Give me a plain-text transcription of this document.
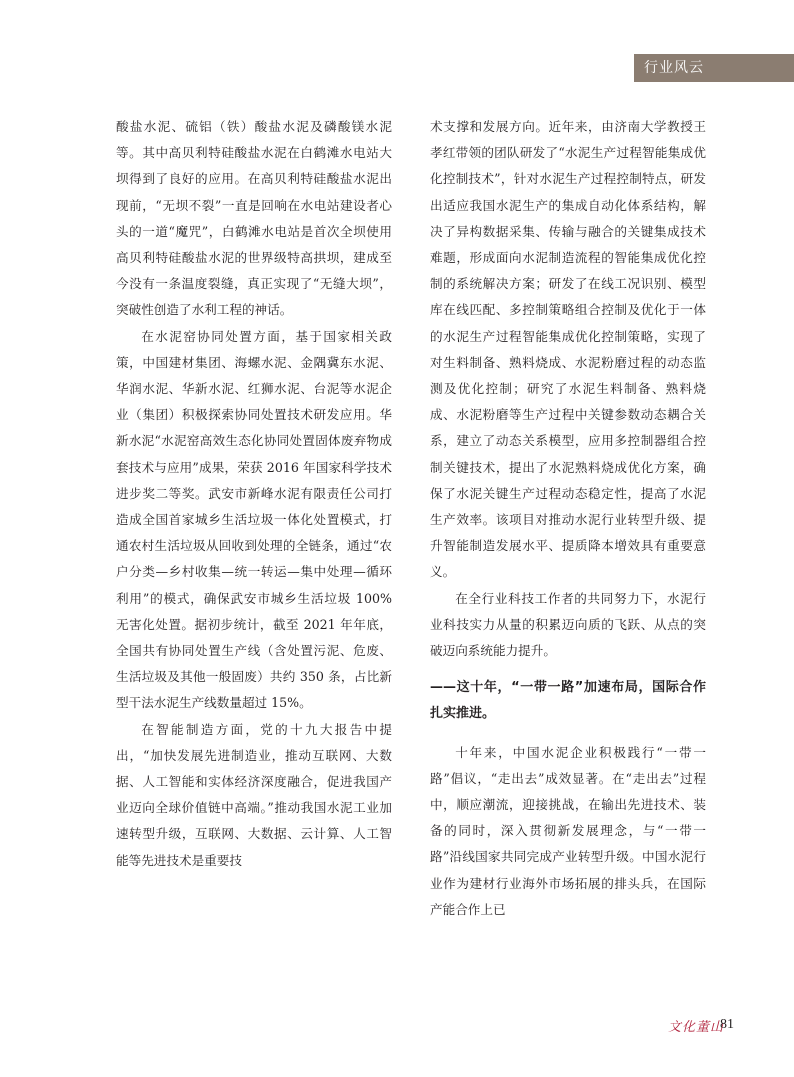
行业风云

酸盐水泥、硫铝（铁）酸盐水泥及磷酸镁水泥等。其中高贝利特硅酸盐水泥在白鹤滩水电站大坝得到了良好的应用。在高贝利特硅酸盐水泥出现前，“无坝不裂”一直是回响在水电站建设者心头的一道“魔咒”，白鹤滩水电站是首次全坝使用高贝利特硅酸盐水泥的世界级特高拱坝，建成至今没有一条温度裂缝，真正实现了“无缝大坝”，突破性创造了水利工程的神话。

在水泥窑协同处置方面，基于国家相关政策，中国建材集团、海螺水泥、金隅冀东水泥、华润水泥、华新水泥、红狮水泥、台泥等水泥企业（集团）积极探索协同处置技术研发应用。华新水泥“水泥窑高效生态化协同处置固体废弃物成套技术与应用”成果，荣获 2016 年国家科学技术进步奖二等奖。武安市新峰水泥有限责任公司打造成全国首家城乡生活垃圾一体化处置模式，打通农村生活垃圾从回收到处理的全链条，通过“农户分类—乡村收集—统一转运—集中处理—循环利用”的模式，确保武安市城乡生活垃圾 100% 无害化处置。据初步统计，截至 2021 年年底，全国共有协同处置生产线（含处置污泥、危废、生活垃圾及其他一般固废）共约 350 条，占比新型干法水泥生产线数量超过 15%。

在智能制造方面，党的十九大报告中提出，“加快发展先进制造业，推动互联网、大数据、人工智能和实体经济深度融合，促进我国产业迈向全球价值链中高端。”推动我国水泥工业加速转型升级，互联网、大数据、云计算、人工智能等先进技术是重要技

术支撑和发展方向。近年来，由济南大学教授王孝红带领的团队研发了“水泥生产过程智能集成优化控制技术”，针对水泥生产过程控制特点，研发出适应我国水泥生产的集成自动化体系结构，解决了异构数据采集、传输与融合的关键集成技术难题，形成面向水泥制造流程的智能集成优化控制的系统解决方案；研发了在线工况识别、模型库在线匹配、多控制策略组合控制及优化于一体的水泥生产过程智能集成优化控制策略，实现了对生料制备、熟料烧成、水泥粉磨过程的动态监测及优化控制；研究了水泥生料制备、熟料烧成、水泥粉磨等生产过程中关键参数动态耦合关系，建立了动态关系模型，应用多控制器组合控制关键技术，提出了水泥熟料烧成优化方案，确保了水泥关键生产过程动态稳定性，提高了水泥生产效率。该项目对推动水泥行业转型升级、提升智能制造发展水平、提质降本增效具有重要意义。

在全行业科技工作者的共同努力下，水泥行业科技实力从量的积累迈向质的飞跃、从点的突破迈向系统能力提升。

——这十年，“一带一路”加速布局，国际合作扎实推进。

十年来，中国水泥企业积极践行“一带一路”倡议，“走出去”成效显著。在“走出去”过程中，顺应潮流，迎接挑战，在输出先进技术、装备的同时，深入贯彻新发展理念，与“一带一路”沿线国家共同完成产业转型升级。中国水泥行业作为建材行业海外市场拓展的排头兵，在国际产能合作上已

文化董山
81
